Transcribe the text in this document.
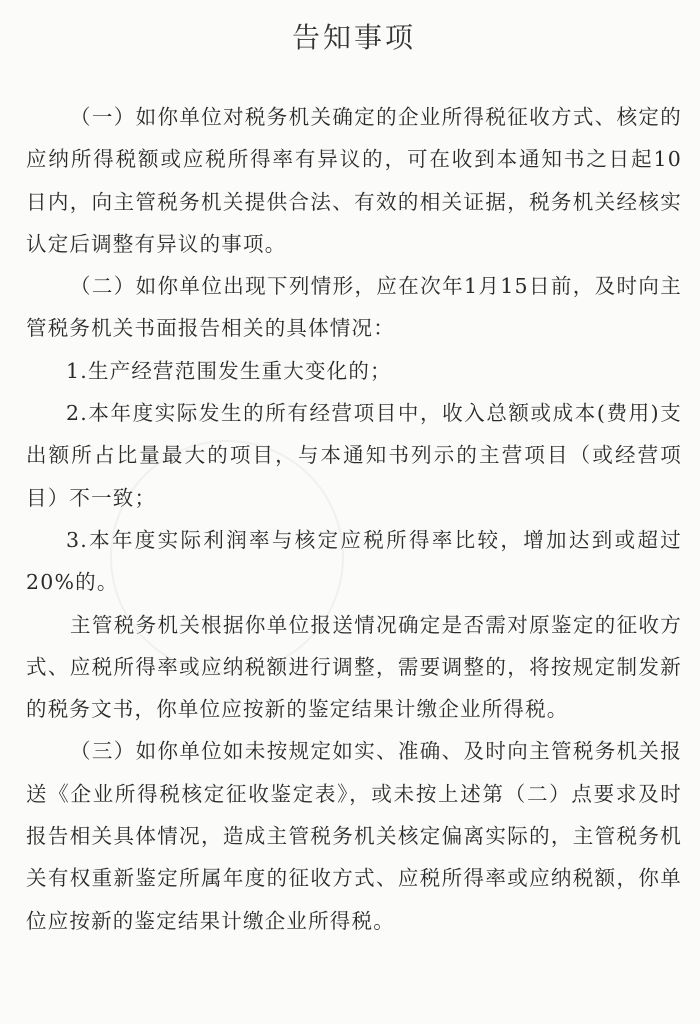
告知事项

（一）如你单位对税务机关确定的企业所得税征收方式、核定的应纳所得税额或应税所得率有异议的，可在收到本通知书之日起10日内，向主管税务机关提供合法、有效的相关证据，税务机关经核实认定后调整有异议的事项。

（二）如你单位出现下列情形，应在次年1月15日前，及时向主管税务机关书面报告相关的具体情况：

1.生产经营范围发生重大变化的；

2.本年度实际发生的所有经营项目中，收入总额或成本(费用)支出额所占比量最大的项目，与本通知书列示的主营项目（或经营项目）不一致；

3.本年度实际利润率与核定应税所得率比较，增加达到或超过20%的。

主管税务机关根据你单位报送情况确定是否需对原鉴定的征收方式、应税所得率或应纳税额进行调整，需要调整的，将按规定制发新的税务文书，你单位应按新的鉴定结果计缴企业所得税。

（三）如你单位如未按规定如实、准确、及时向主管税务机关报送《企业所得税核定征收鉴定表》，或未按上述第（二）点要求及时报告相关具体情况，造成主管税务机关核定偏离实际的，主管税务机关有权重新鉴定所属年度的征收方式、应税所得率或应纳税额，你单位应按新的鉴定结果计缴企业所得税。
